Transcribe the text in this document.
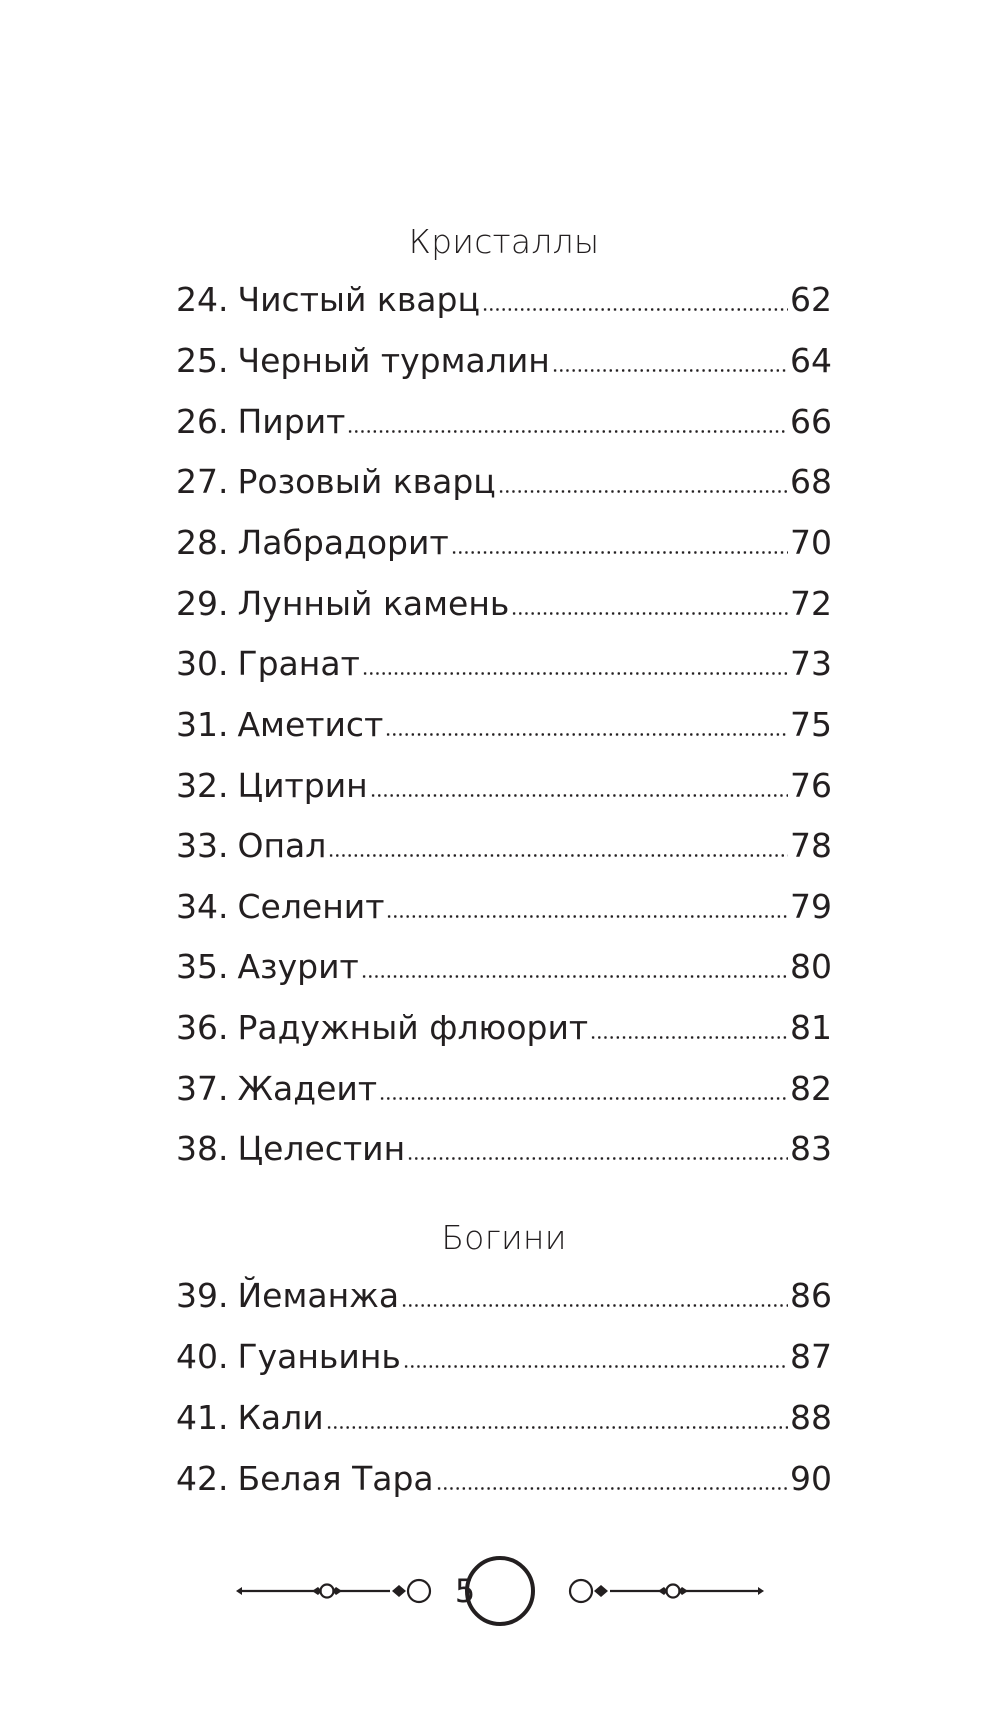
Кристаллы
24. Чистый кварц	62
25. Черный турмалин	64
26. Пирит	66
27. Розовый кварц	68
28. Лабрадорит	70
29. Лунный камень	72
30. Гранат	73
31. Аметист	75
32. Цитрин	76
33. Опал	78
34. Селенит	79
35. Азурит	80
36. Радужный флюорит	81
37. Жадеит	82
38. Целестин	83
Богини
39. Йеманжа	86
40. Гуаньинь	87
41. Кали	88
42. Белая Тара	90
5
